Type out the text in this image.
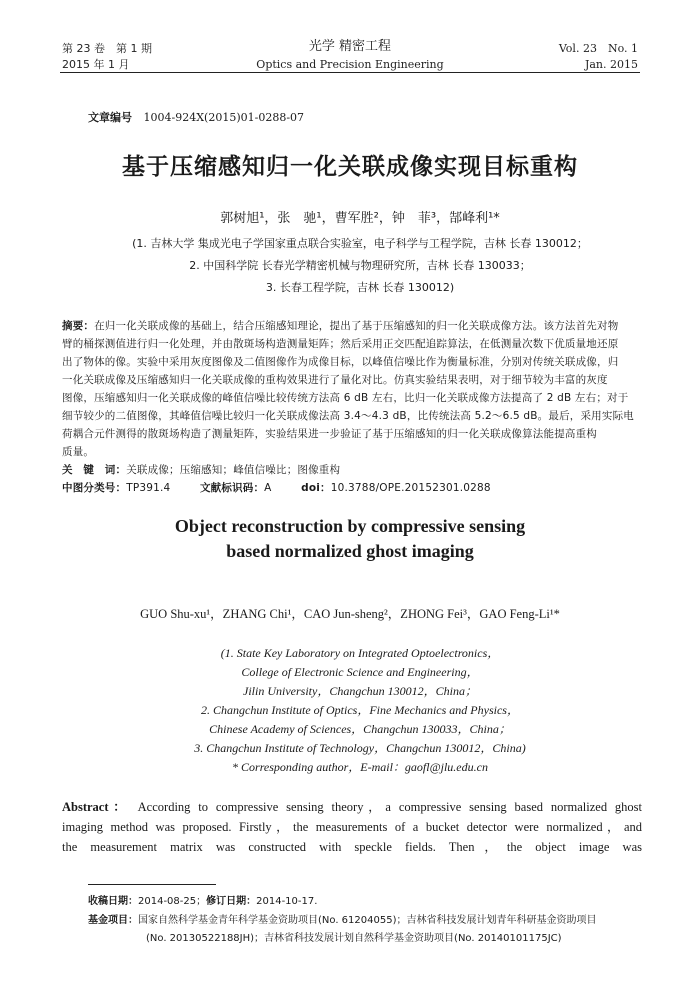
第 23 卷　第 1 期
2015 年 1 月
光学 精密工程
Optics and Precision Engineering
Vol. 23　No. 1
Jan. 2015
文章编号 1004-924X(2015)01-0288-07
基于压缩感知归一化关联成像实现目标重构
郭树旭¹，张　驰¹，曹军胜²，钟　菲³，郜峰利¹*
(1. 吉林大学 集成光电子学国家重点联合实验室，电子科学与工程学院，吉林 长春 130012；
2. 中国科学院 长春光学精密机械与物理研究所，吉林 长春 130033；
3. 长春工程学院，吉林 长春 130012)
摘要：在归一化关联成像的基础上，结合压缩感知理论，提出了基于压缩感知的归一化关联成像方法。该方法首先对物
臂的桶探测值进行归一化处理，并由散斑场构造测量矩阵；然后采用正交匹配追踪算法，在低测量次数下优质量地还原
出了物体的像。实验中采用灰度图像及二值图像作为成像目标，以峰值信噪比作为衡量标准，分别对传统关联成像，归
一化关联成像及压缩感知归一化关联成像的重构效果进行了量化对比。仿真实验结果表明，对于细节较为丰富的灰度
图像，压缩感知归一化关联成像的峰值信噪比较传统方法高 6 dB 左右，比归一化关联成像方法提高了 2 dB 左右；对于
细节较少的二值图像，其峰值信噪比较归一化关联成像法高 3.4～4.3 dB，比传统法高 5.2～6.5 dB。最后，采用实际电
荷耦合元件测得的散斑场构造了测量矩阵，实验结果进一步验证了基于压缩感知的归一化关联成像算法能提高重构
质量。
关　键　词：关联成像；压缩感知；峰值信噪比；图像重构
中图分类号：TP391.4	文献标识码：A	doi：10.3788/OPE.20152301.0288
Object reconstruction by compressive sensing
based normalized ghost imaging
GUO Shu-xu¹，ZHANG Chi¹，CAO Jun-sheng²，ZHONG Fei³，GAO Feng-Li¹*
(1. State Key Laboratory on Integrated Optoelectronics，
College of Electronic Science and Engineering，
Jilin University，Changchun 130012，China；
2. Changchun Institute of Optics，Fine Mechanics and Physics，
Chinese Academy of Sciences，Changchun 130033，China；
3. Changchun Institute of Technology，Changchun 130012，China)
* Corresponding author，E-mail：gaofl@jlu.edu.cn
Abstract： According to compressive sensing theory，a compressive sensing based normalized ghost
imaging method was proposed. Firstly，the measurements of a bucket detector were normalized，and
the measurement matrix was constructed with speckle fields. Then，the object image was
收稿日期：2014-08-25；修订日期：2014-10-17.
基金项目：国家自然科学基金青年科学基金资助项目(No. 61204055)；吉林省科技发展计划青年科研基金资助项目
(No. 20130522188JH)；吉林省科技发展计划自然科学基金资助项目(No. 20140101175JC)
